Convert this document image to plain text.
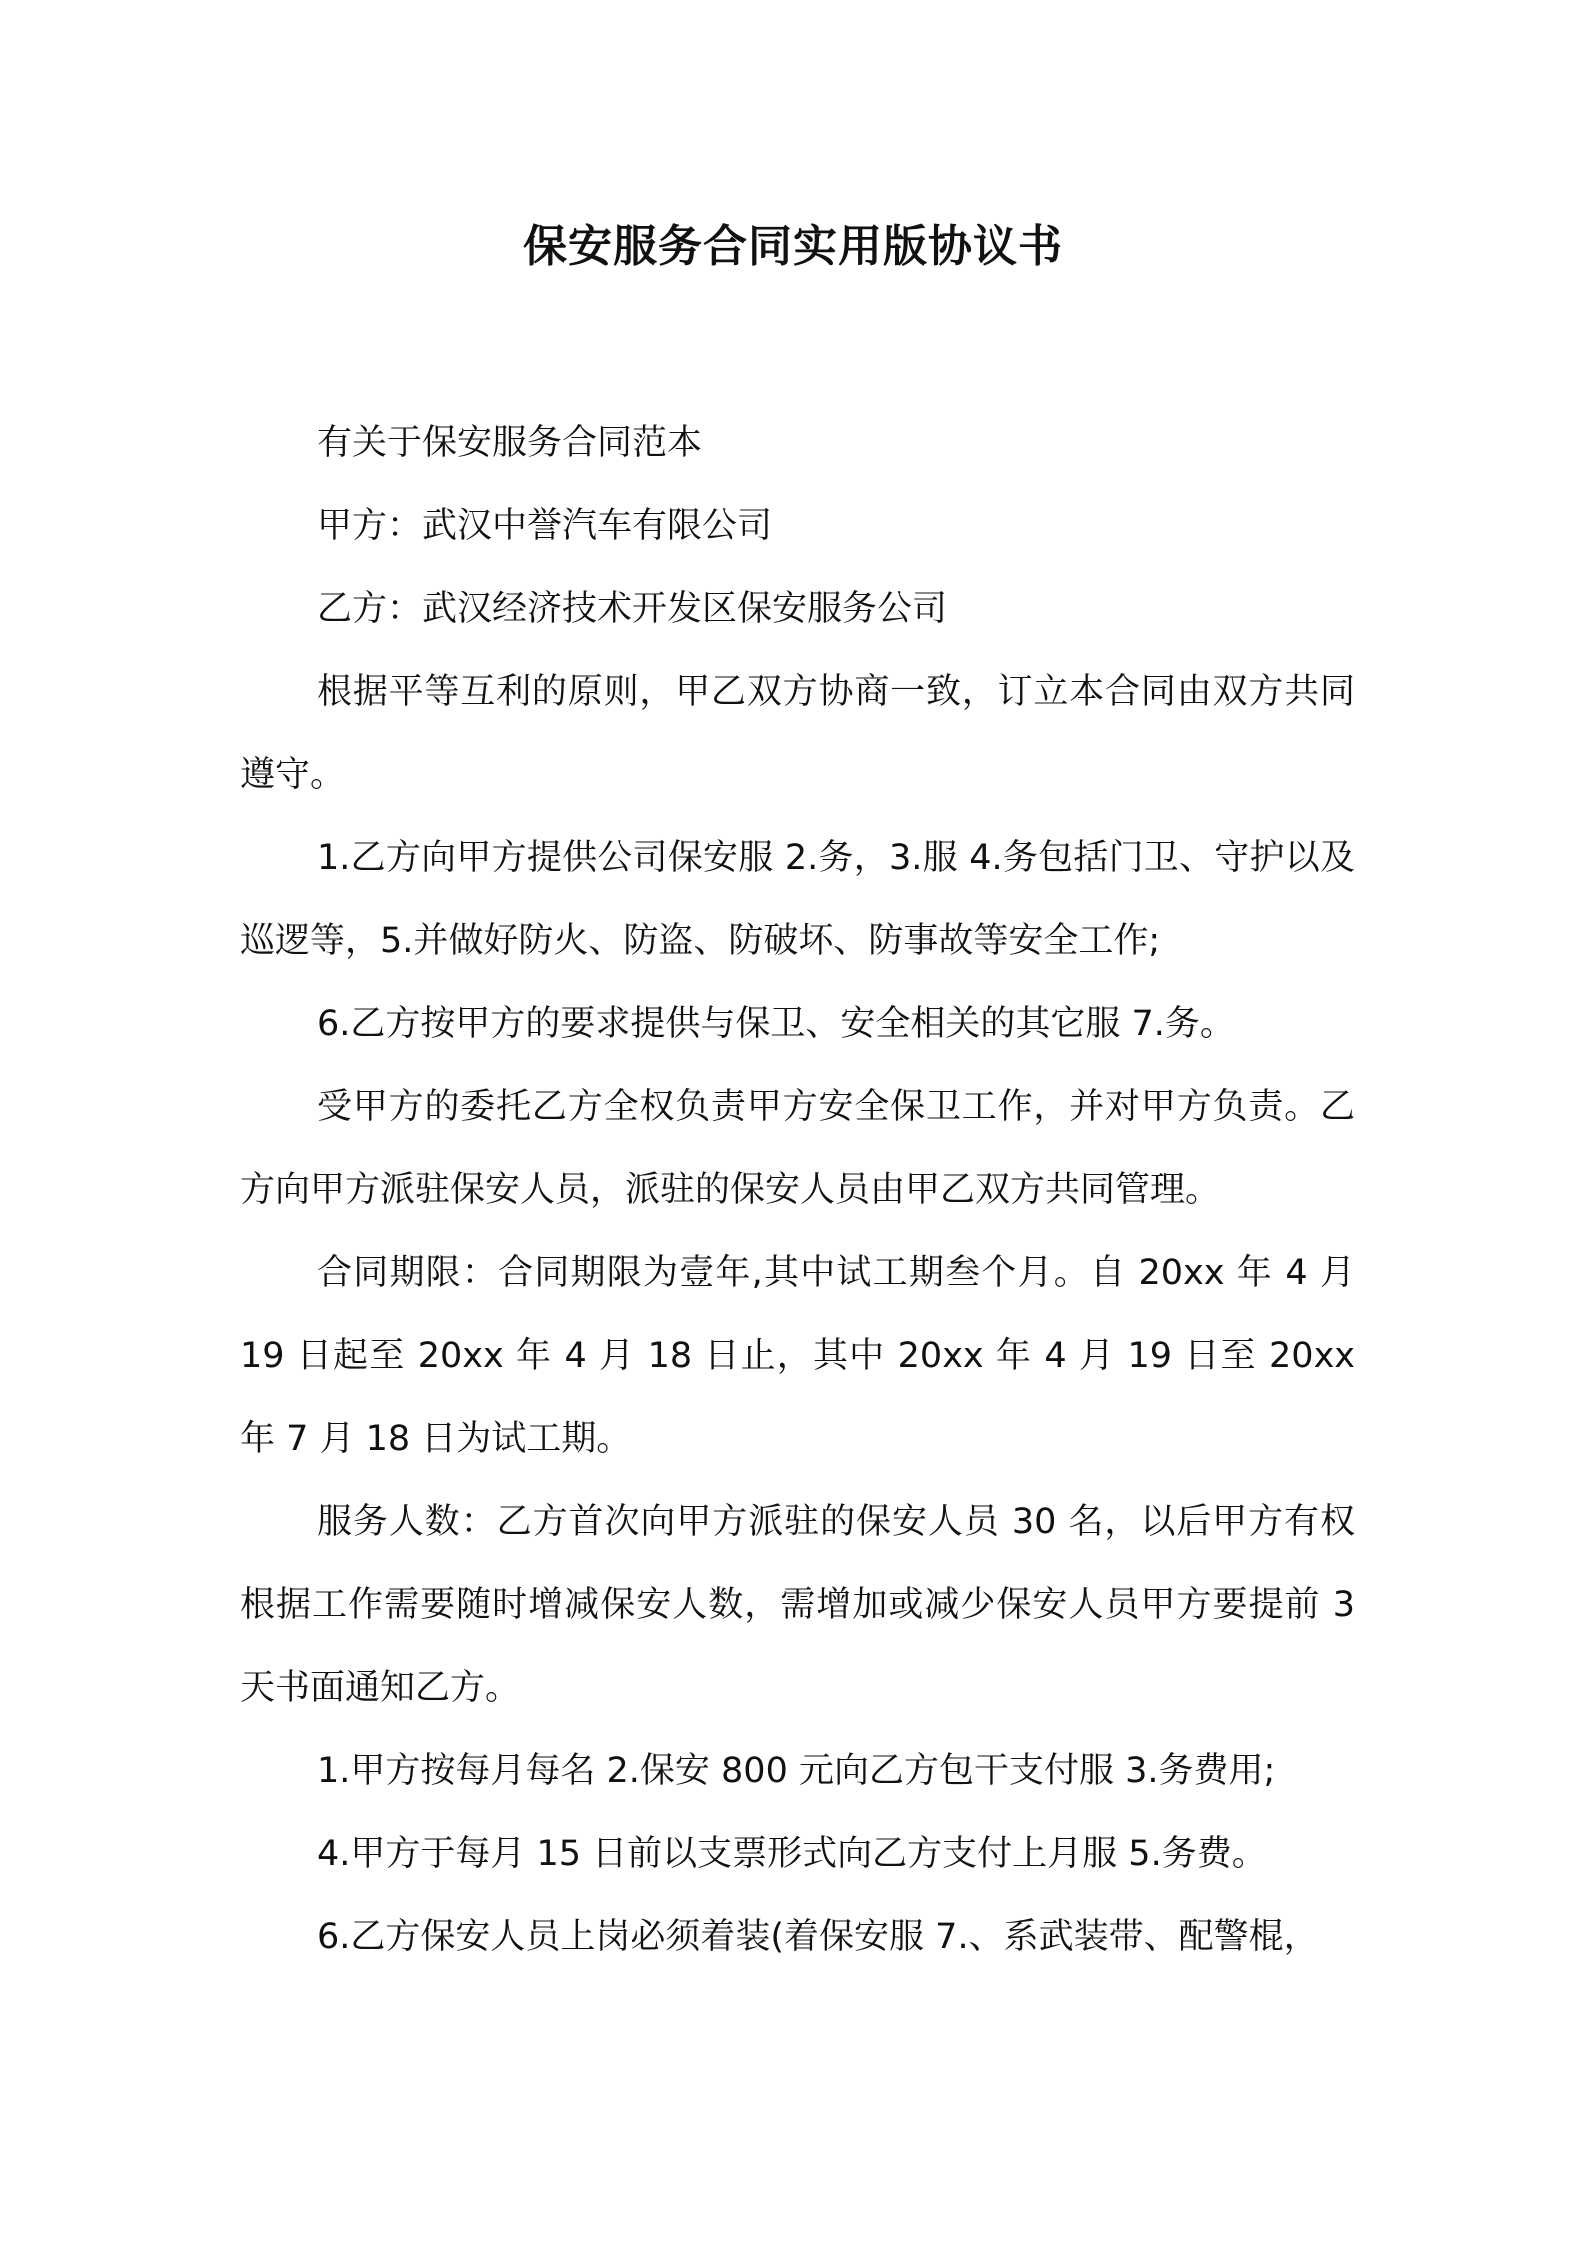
保安服务合同实用版协议书

有关于保安服务合同范本

甲方：武汉中誉汽车有限公司

乙方：武汉经济技术开发区保安服务公司

根据平等互利的原则，甲乙双方协商一致，订立本合同由双方共同遵守。

1.乙方向甲方提供公司保安服 2.务，3.服 4.务包括门卫、守护以及巡逻等，5.并做好防火、防盗、防破坏、防事故等安全工作;

6.乙方按甲方的要求提供与保卫、安全相关的其它服 7.务。

受甲方的委托乙方全权负责甲方安全保卫工作，并对甲方负责。乙方向甲方派驻保安人员，派驻的保安人员由甲乙双方共同管理。

合同期限：合同期限为壹年,其中试工期叁个月。自 20xx 年 4 月 19 日起至 20xx 年 4 月 18 日止，其中 20xx 年 4 月 19 日至 20xx 年 7 月 18 日为试工期。

服务人数：乙方首次向甲方派驻的保安人员 30 名，以后甲方有权根据工作需要随时增减保安人数，需增加或减少保安人员甲方要提前 3 天书面通知乙方。

1.甲方按每月每名 2.保安 800 元向乙方包干支付服 3.务费用;

4.甲方于每月 15 日前以支票形式向乙方支付上月服 5.务费。

6.乙方保安人员上岗必须着装(着保安服 7.、系武装带、配警棍，
